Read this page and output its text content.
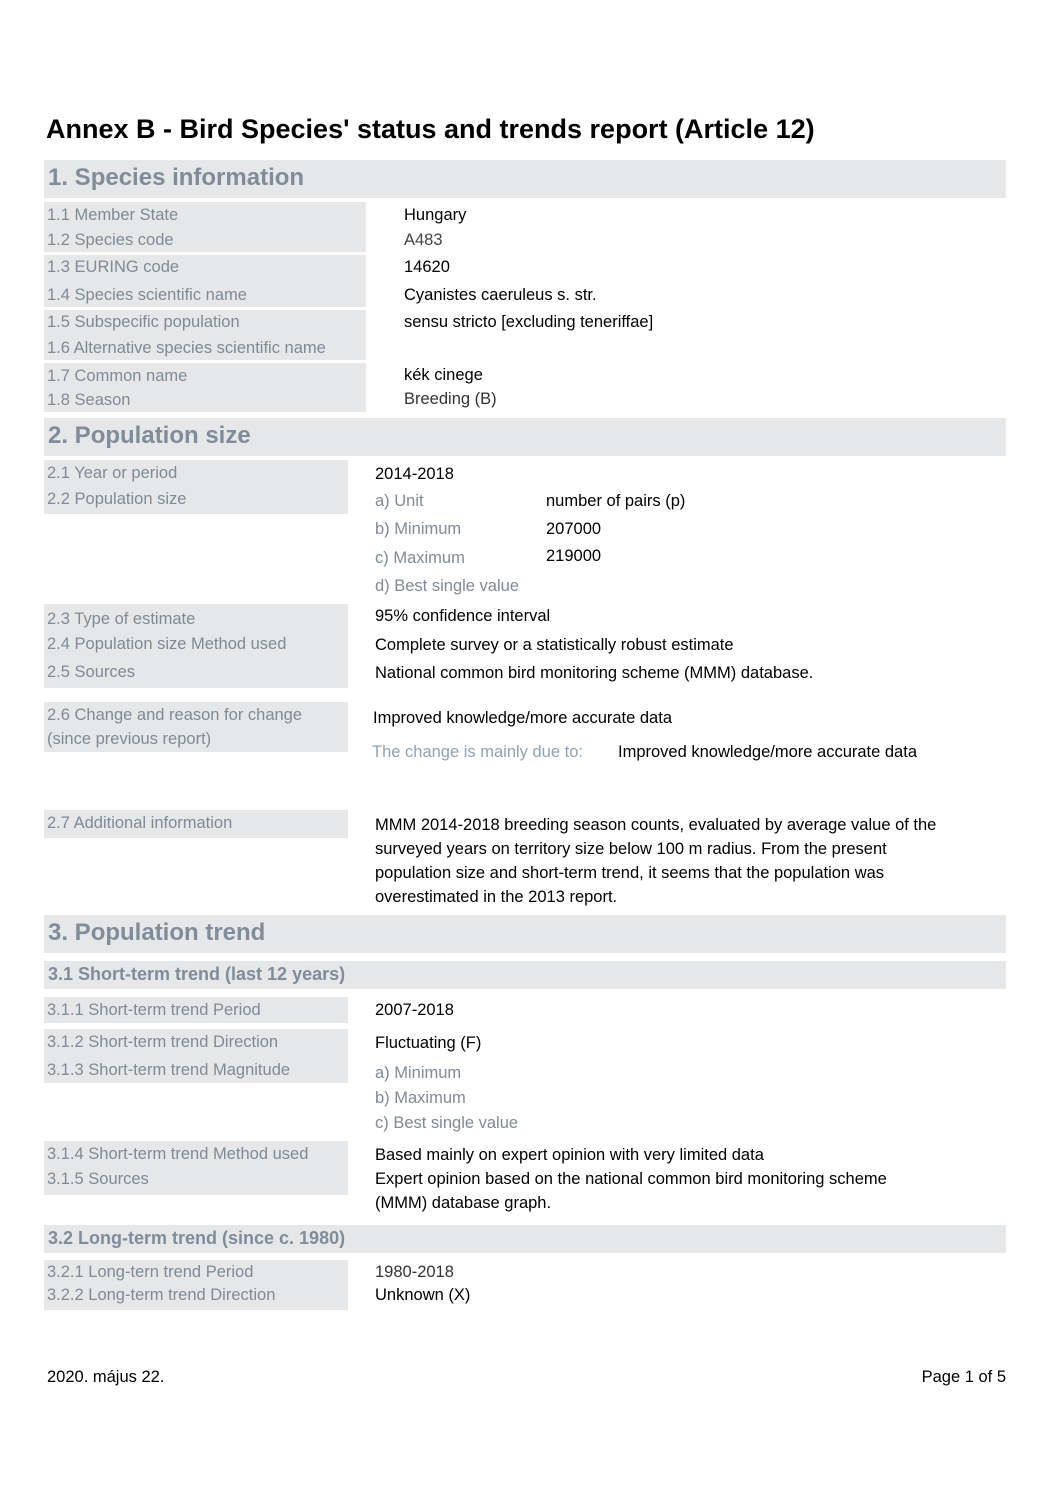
Annex B - Bird Species' status and trends report (Article 12)
1. Species information
1.1 Member State	Hungary
1.2 Species code	A483
1.3 EURING code	14620
1.4 Species scientific name	Cyanistes caeruleus s. str.
1.5 Subspecific population	sensu stricto [excluding teneriffae]
1.6 Alternative species scientific name
1.7 Common name	kék cinege
1.8 Season	Breeding (B)
2. Population size
2.1 Year or period	2014-2018
2.2 Population size	a) Unit	number of pairs (p)
b) Minimum	207000
c) Maximum	219000
d) Best single value
2.3 Type of estimate	95% confidence interval
2.4 Population size Method used	Complete survey or a statistically robust estimate
2.5 Sources	National common bird monitoring scheme (MMM) database.
2.6 Change and reason for change
(since previous report)
Improved knowledge/more accurate data
The change is mainly due to: Improved knowledge/more accurate data
2.7 Additional information	MMM 2014-2018 breeding season counts, evaluated by average value of the
surveyed years on territory size below 100 m radius. From the present
population size and short-term trend, it seems that the population was
overestimated in the 2013 report.
3. Population trend
3.1 Short-term trend (last 12 years)
3.1.1 Short-term trend Period	2007-2018
3.1.2 Short-term trend Direction	Fluctuating (F)
3.1.3 Short-term trend Magnitude	a) Minimum
b) Maximum
c) Best single value
3.1.4 Short-term trend Method used	Based mainly on expert opinion with very limited data
3.1.5 Sources	Expert opinion based on the national common bird monitoring scheme
(MMM) database graph.
3.2 Long-term trend (since c. 1980)
3.2.1 Long-tern trend Period	1980-2018
3.2.2 Long-term trend Direction	Unknown (X)
2020. május 22.	Page 1 of 5
